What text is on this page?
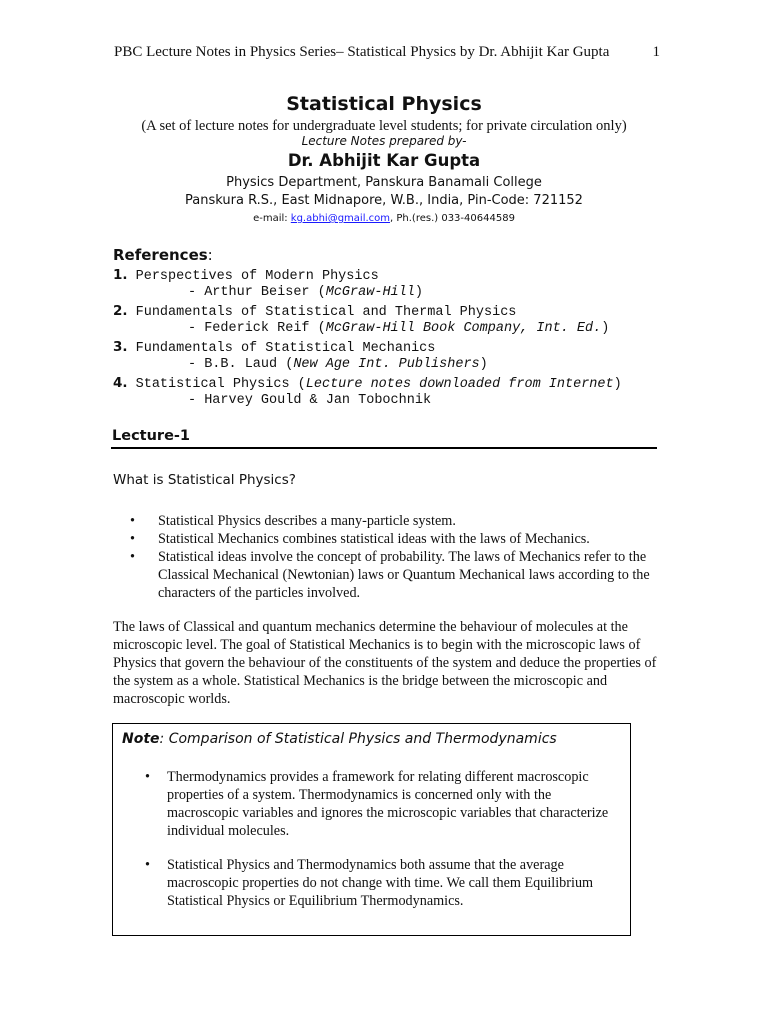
PBC Lecture Notes in Physics Series– Statistical Physics by Dr. Abhijit Kar Gupta	1
Statistical Physics
(A set of lecture notes for undergraduate level students; for private circulation only)
Lecture Notes prepared by-
Dr. Abhijit Kar Gupta
Physics Department, Panskura Banamali College
Panskura R.S., East Midnapore, W.B., India, Pin-Code: 721152
e-mail: kg.abhi@gmail.com, Ph.(res.) 033-40644589
References:
1. Perspectives of Modern Physics
- Arthur Beiser (McGraw-Hill)
2. Fundamentals of Statistical and Thermal Physics
- Federick Reif (McGraw-Hill Book Company, Int. Ed.)
3. Fundamentals of Statistical Mechanics
- B.B. Laud (New Age Int. Publishers)
4. Statistical Physics (Lecture notes downloaded from Internet)
- Harvey Gould & Jan Tobochnik
Lecture-1
What is Statistical Physics?
• Statistical Physics describes a many-particle system.
• Statistical Mechanics combines statistical ideas with the laws of Mechanics.
• Statistical ideas involve the concept of probability. The laws of Mechanics refer to the Classical Mechanical (Newtonian) laws or Quantum Mechanical laws according to the characters of the particles involved.
The laws of Classical and quantum mechanics determine the behaviour of molecules at the microscopic level. The goal of Statistical Mechanics is to begin with the microscopic laws of Physics that govern the behaviour of the constituents of the system and deduce the properties of the system as a whole. Statistical Mechanics is the bridge between the microscopic and macroscopic worlds.
Note: Comparison of Statistical Physics and Thermodynamics
• Thermodynamics provides a framework for relating different macroscopic properties of a system. Thermodynamics is concerned only with the macroscopic variables and ignores the microscopic variables that characterize individual molecules.
• Statistical Physics and Thermodynamics both assume that the average macroscopic properties do not change with time. We call them Equilibrium Statistical Physics or Equilibrium Thermodynamics.
